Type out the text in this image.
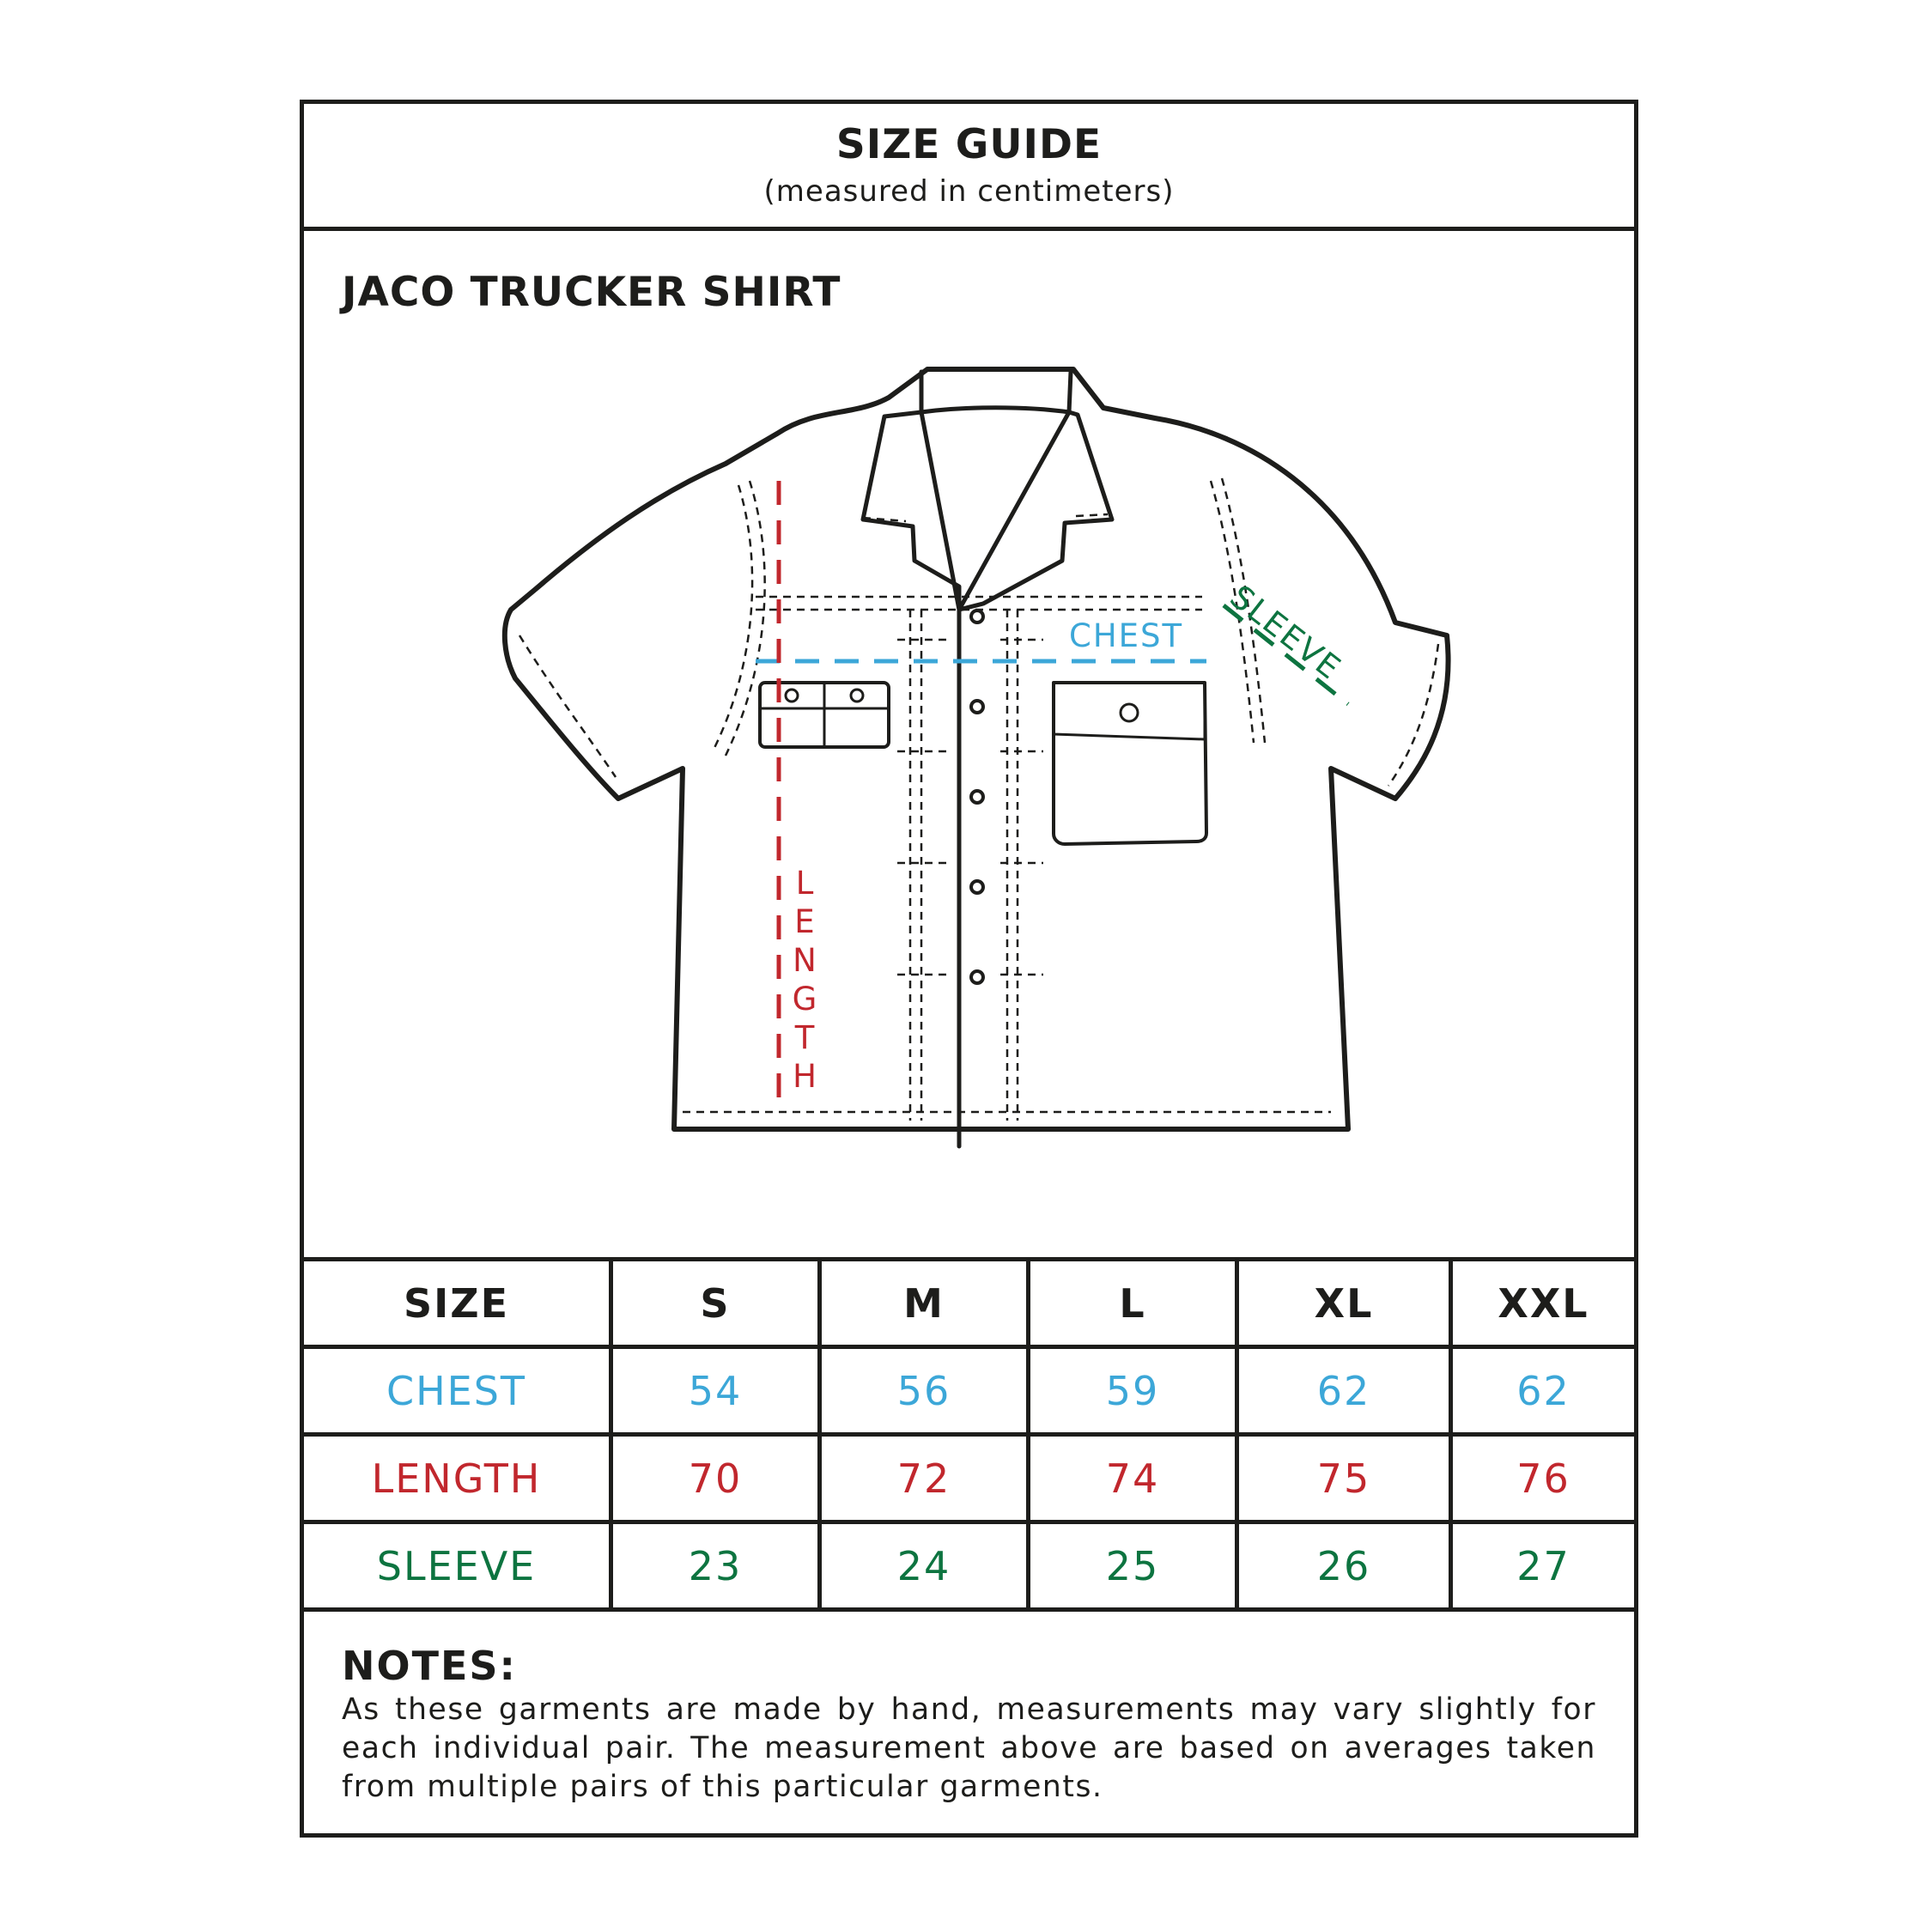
SIZE GUIDE
(measured in centimeters)
JACO TRUCKER SHIRT
CHEST SLEEVE
LENGTH
SIZE	S	M	L	XL	XXL
CHEST	54	56	59	62	62
LENGTH	70	72	74	75	76
SLEEVE	23	24	25	26	27
NOTES:
As these garments are made by hand, measurements may vary slightly for each individual pair. The measurement above are based on averages taken from multiple pairs of this particular garments.
